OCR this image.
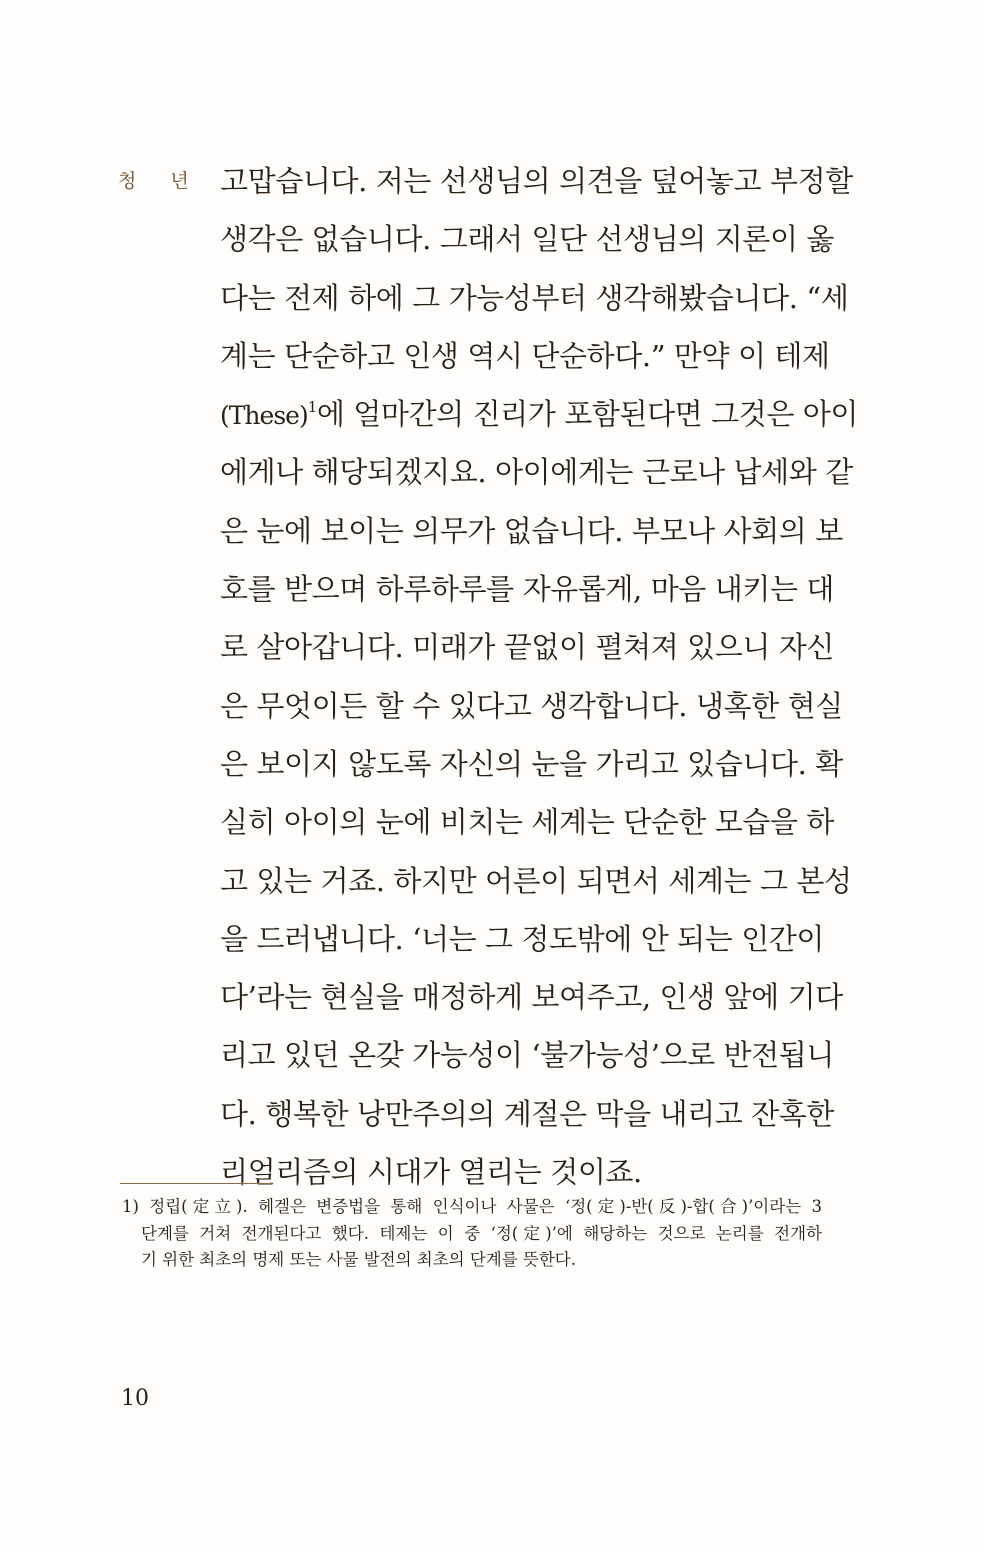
청 년 고맙습니다. 저는 선생님의 의견을 덮어놓고 부정할
생각은 없습니다. 그래서 일단 선생님의 지론이 옳
다는 전제 하에 그 가능성부터 생각해봤습니다. “세
계는 단순하고 인생 역시 단순하다.” 만약 이 테제
(These)$^1$에 얼마간의 진리가 포함된다면 그것은 아이
에게나 해당되겠지요. 아이에게는 근로나 납세와 같
은 눈에 보이는 의무가 없습니다. 부모나 사회의 보
호를 받으며 하루하루를 자유롭게, 마음 내키는 대
로 살아갑니다. 미래가 끝없이 펼쳐져 있으니 자신
은 무엇이든 할 수 있다고 생각합니다. 냉혹한 현실
은 보이지 않도록 자신의 눈을 가리고 있습니다. 확
실히 아이의 눈에 비치는 세계는 단순한 모습을 하
고 있는 거죠. 하지만 어른이 되면서 세계는 그 본성
을 드러냅니다. ‘너는 그 정도밖에 안 되는 인간이
다’라는 현실을 매정하게 보여주고, 인생 앞에 기다
리고 있던 온갖 가능성이 ‘불가능성’으로 반전됩니
다. 행복한 낭만주의의 계절은 막을 내리고 잔혹한
리얼리즘의 시대가 열리는 것이죠.
1) 정립(定立). 헤겔은 변증법을 통해 인식이나 사물은 ‘정(定)-반(反)-합(合)’이라는 3
단계를 거쳐 전개된다고 했다. 테제는 이 중 ‘정(定)’에 해당하는 것으로 논리를 전개하
기 위한 최초의 명제 또는 사물 발전의 최초의 단계를 뜻한다.
10
